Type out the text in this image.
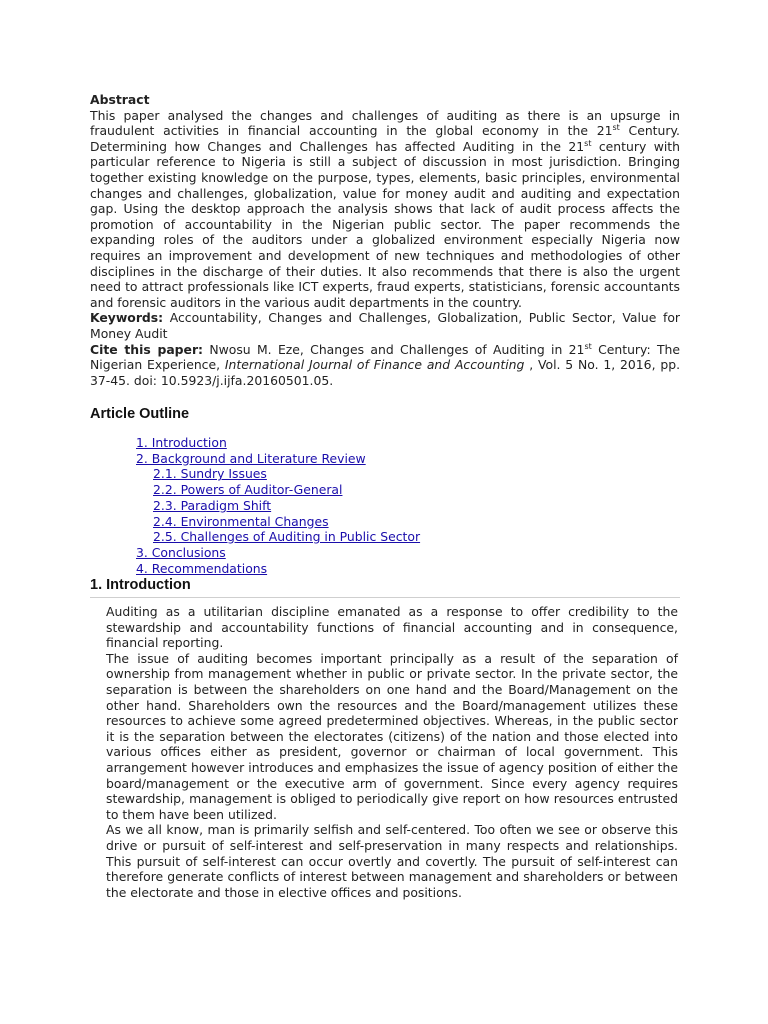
Abstract
This paper analysed the changes and challenges of auditing as there is an upsurge in fraudulent activities in financial accounting in the global economy in the 21st Century. Determining how Changes and Challenges has affected Auditing in the 21st century with particular reference to Nigeria is still a subject of discussion in most jurisdiction. Bringing together existing knowledge on the purpose, types, elements, basic principles, environmental changes and challenges, globalization, value for money audit and auditing and expectation gap. Using the desktop approach the analysis shows that lack of audit process affects the promotion of accountability in the Nigerian public sector. The paper recommends the expanding roles of the auditors under a globalized environment especially Nigeria now requires an improvement and development of new techniques and methodologies of other disciplines in the discharge of their duties. It also recommends that there is also the urgent need to attract professionals like ICT experts, fraud experts, statisticians, forensic accountants and forensic auditors in the various audit departments in the country.
Keywords: Accountability, Changes and Challenges, Globalization, Public Sector, Value for Money Audit
Cite this paper: Nwosu M. Eze, Changes and Challenges of Auditing in 21st Century: The Nigerian Experience, International Journal of Finance and Accounting , Vol. 5 No. 1, 2016, pp. 37-45. doi: 10.5923/j.ijfa.20160501.05.
Article Outline
1. Introduction
2. Background and Literature Review
2.1. Sundry Issues
2.2. Powers of Auditor-General
2.3. Paradigm Shift
2.4. Environmental Changes
2.5. Challenges of Auditing in Public Sector
3. Conclusions
4. Recommendations
1. Introduction

Auditing as a utilitarian discipline emanated as a response to offer credibility to the stewardship and accountability functions of financial accounting and in consequence, financial reporting.

The issue of auditing becomes important principally as a result of the separation of ownership from management whether in public or private sector. In the private sector, the separation is between the shareholders on one hand and the Board/Management on the other hand. Shareholders own the resources and the Board/management utilizes these resources to achieve some agreed predetermined objectives. Whereas, in the public sector it is the separation between the electorates (citizens) of the nation and those elected into various offices either as president, governor or chairman of local government. This arrangement however introduces and emphasizes the issue of agency position of either the board/management or the executive arm of government. Since every agency requires stewardship, management is obliged to periodically give report on how resources entrusted to them have been utilized.

As we all know, man is primarily selfish and self-centered. Too often we see or observe this drive or pursuit of self-interest and self-preservation in many respects and relationships. This pursuit of self-interest can occur overtly and covertly. The pursuit of self-interest can therefore generate conflicts of interest between management and shareholders or between the electorate and those in elective offices and positions.
